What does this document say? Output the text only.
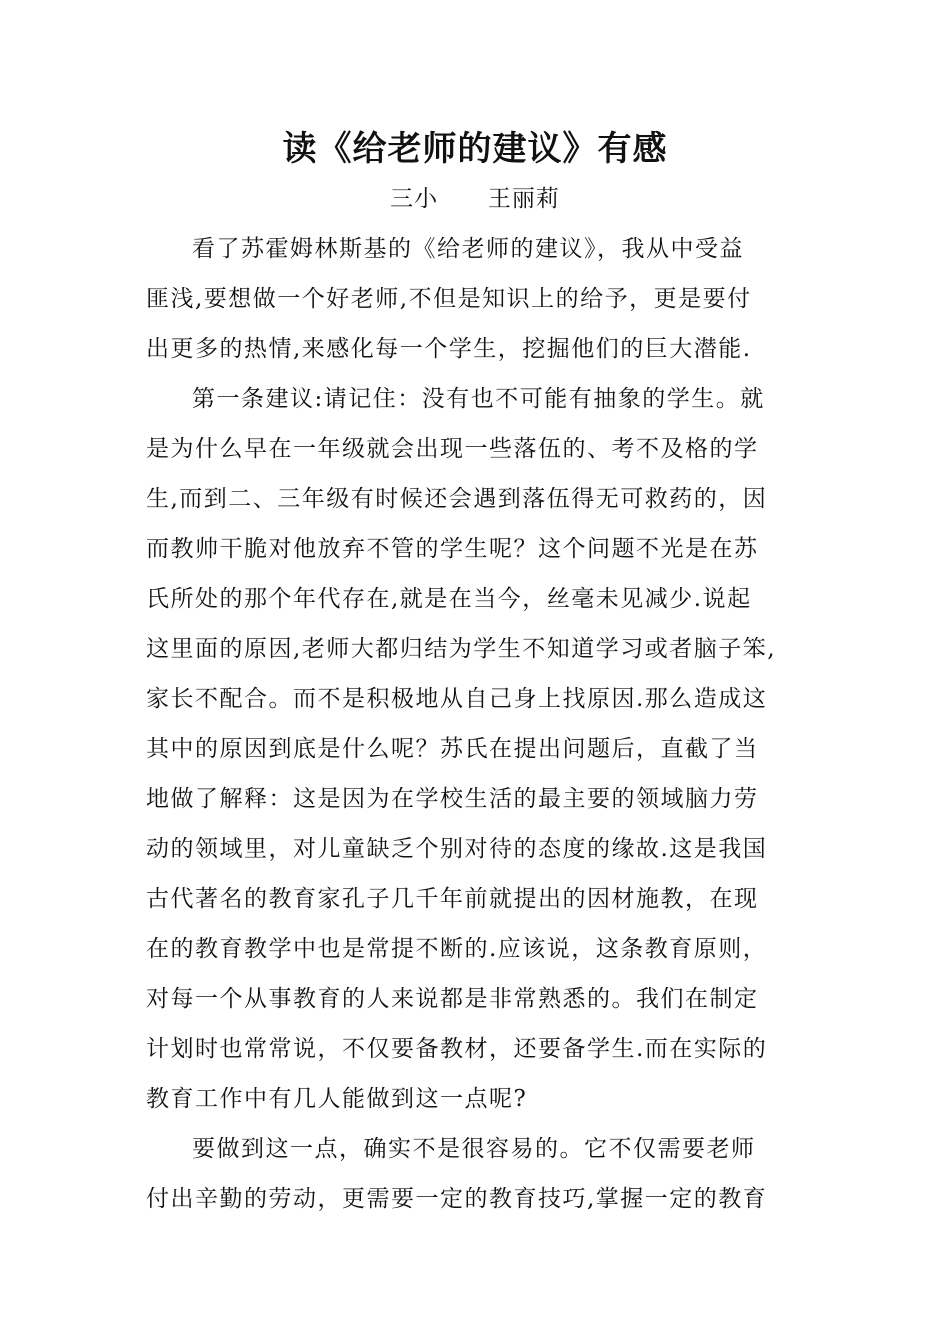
读《给老师的建议》有感
三小      王丽莉
看了苏霍姆林斯基的《给老师的建议》，我从中受益
匪浅,要想做一个好老师,不但是知识上的给予，更是要付
出更多的热情,来感化每一个学生，挖掘他们的巨大潜能.
第一条建议:请记住：没有也不可能有抽象的学生。就
是为什么早在一年级就会出现一些落伍的、考不及格的学
生,而到二、三年级有时候还会遇到落伍得无可救药的，因
而教帅干脆对他放弃不管的学生呢？这个问题不光是在苏
氏所处的那个年代存在,就是在当今，丝毫未见减少.说起
这里面的原因,老师大都归结为学生不知道学习或者脑子笨,
家长不配合。而不是积极地从自己身上找原因.那么造成这
其中的原因到底是什么呢？苏氏在提出问题后，直截了当
地做了解释：这是因为在学校生活的最主要的领域脑力劳
动的领域里，对儿童缺乏个别对待的态度的缘故.这是我国
古代著名的教育家孔子几千年前就提出的因材施教，在现
在的教育教学中也是常提不断的.应该说，这条教育原则，
对每一个从事教育的人来说都是非常熟悉的。我们在制定
计划时也常常说，不仅要备教材，还要备学生.而在实际的
教育工作中有几人能做到这一点呢?
要做到这一点，确实不是很容易的。它不仅需要老师
付出辛勤的劳动，更需要一定的教育技巧,掌握一定的教育
